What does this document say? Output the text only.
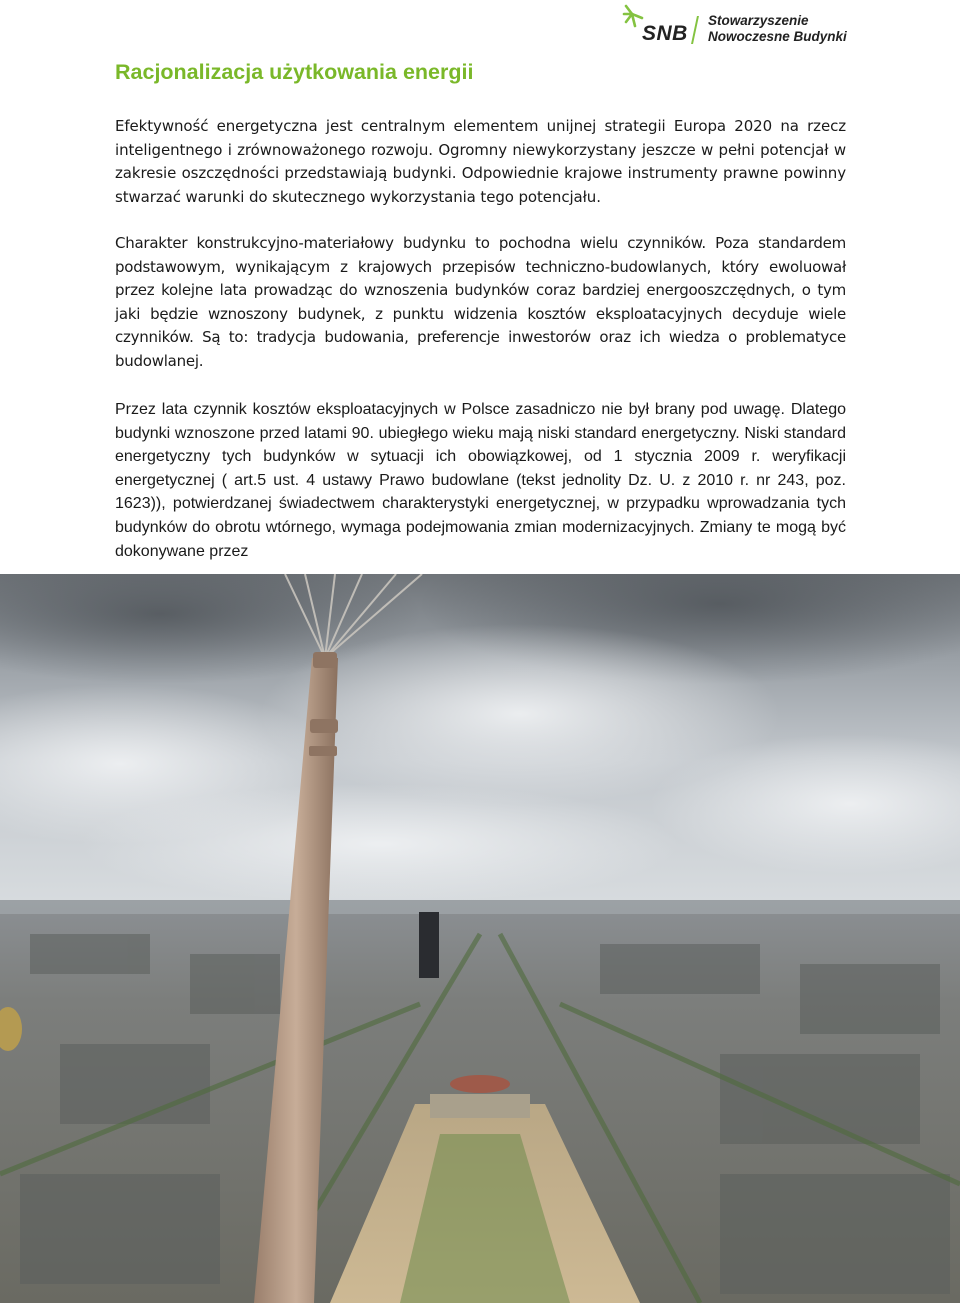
SNB
Stowarzyszenie
Nowoczesne Budynki
Racjonalizacja użytkowania energii

Efektywność energetyczna jest centralnym elementem unijnej strategii Europa 2020 na rzecz inteligentnego i zrównoważonego rozwoju. Ogromny niewykorzystany jeszcze w pełni potencjał w zakresie oszczędności przedstawiają budynki. Odpowiednie krajowe instrumenty prawne powinny stwarzać warunki do skutecznego wykorzystania tego potencjału.

Charakter konstrukcyjno-materiałowy budynku to pochodna wielu czynników. Poza standardem podstawowym, wynikającym z krajowych przepisów techniczno-budowlanych, który ewoluował przez kolejne lata prowadząc do wznoszenia budynków coraz bardziej energooszczędnych, o tym jaki będzie wznoszony budynek, z punktu widzenia kosztów eksploatacyjnych decyduje wiele czynników. Są to: tradycja budowania, preferencje inwestorów oraz ich wiedza o problematyce budowlanej.

Przez lata czynnik kosztów eksploatacyjnych w Polsce zasadniczo nie był brany pod uwagę. Dlatego budynki wznoszone przed latami 90. ubiegłego wieku mają niski standard energetyczny. Niski standard energetyczny tych budynków w sytuacji ich obowiązkowej, od 1 stycznia 2009 r. weryfikacji energetycznej ( art.5 ust. 4 ustawy Prawo budowlane (tekst jednolity Dz. U. z 2010 r. nr 243, poz. 1623)), potwierdzanej świadectwem charakterystyki energetycznej, w przypadku wprowadzania tych budynków do obrotu wtórnego, wymaga podejmowania zmian modernizacyjnych. Zmiany te mogą być dokonywane przez
